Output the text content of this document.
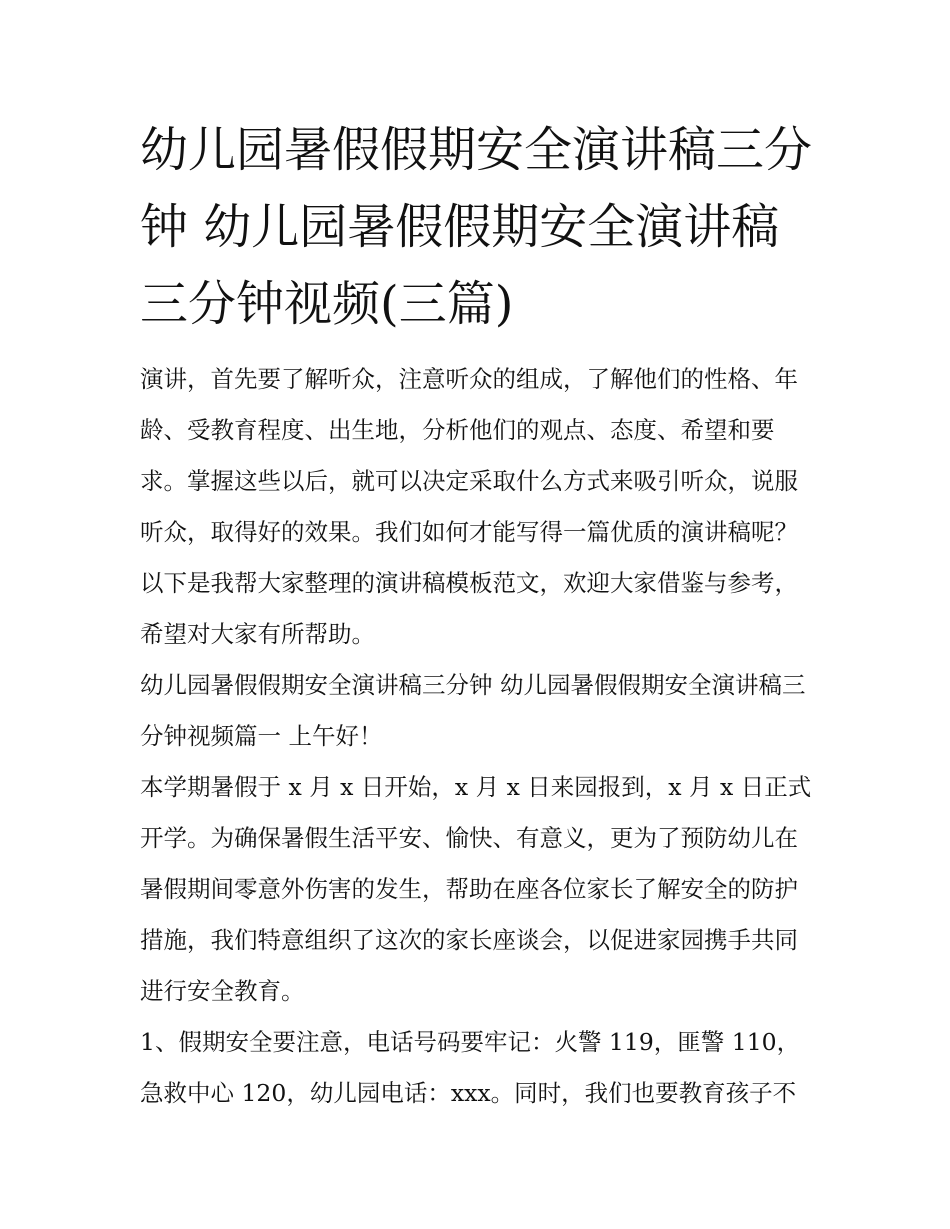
幼儿园暑假假期安全演讲稿三分钟 幼儿园暑假假期安全演讲稿三分钟视频(三篇)

演讲，首先要了解听众，注意听众的组成，了解他们的性格、年龄、受教育程度、出生地，分析他们的观点、态度、希望和要求。掌握这些以后，就可以决定采取什么方式来吸引听众，说服听众，取得好的效果。我们如何才能写得一篇优质的演讲稿呢？以下是我帮大家整理的演讲稿模板范文，欢迎大家借鉴与参考，希望对大家有所帮助。

幼儿园暑假假期安全演讲稿三分钟 幼儿园暑假假期安全演讲稿三分钟视频篇一 上午好！

本学期暑假于 x 月 x 日开始，x 月 x 日来园报到，x 月 x 日正式开学。为确保暑假生活平安、愉快、有意义，更为了预防幼儿在暑假期间零意外伤害的发生，帮助在座各位家长了解安全的防护措施，我们特意组织了这次的家长座谈会，以促进家园携手共同进行安全教育。

1、假期安全要注意，电话号码要牢记：火警 119，匪警 110，急救中心 120，幼儿园电话：xxx。同时，我们也要教育孩子不
